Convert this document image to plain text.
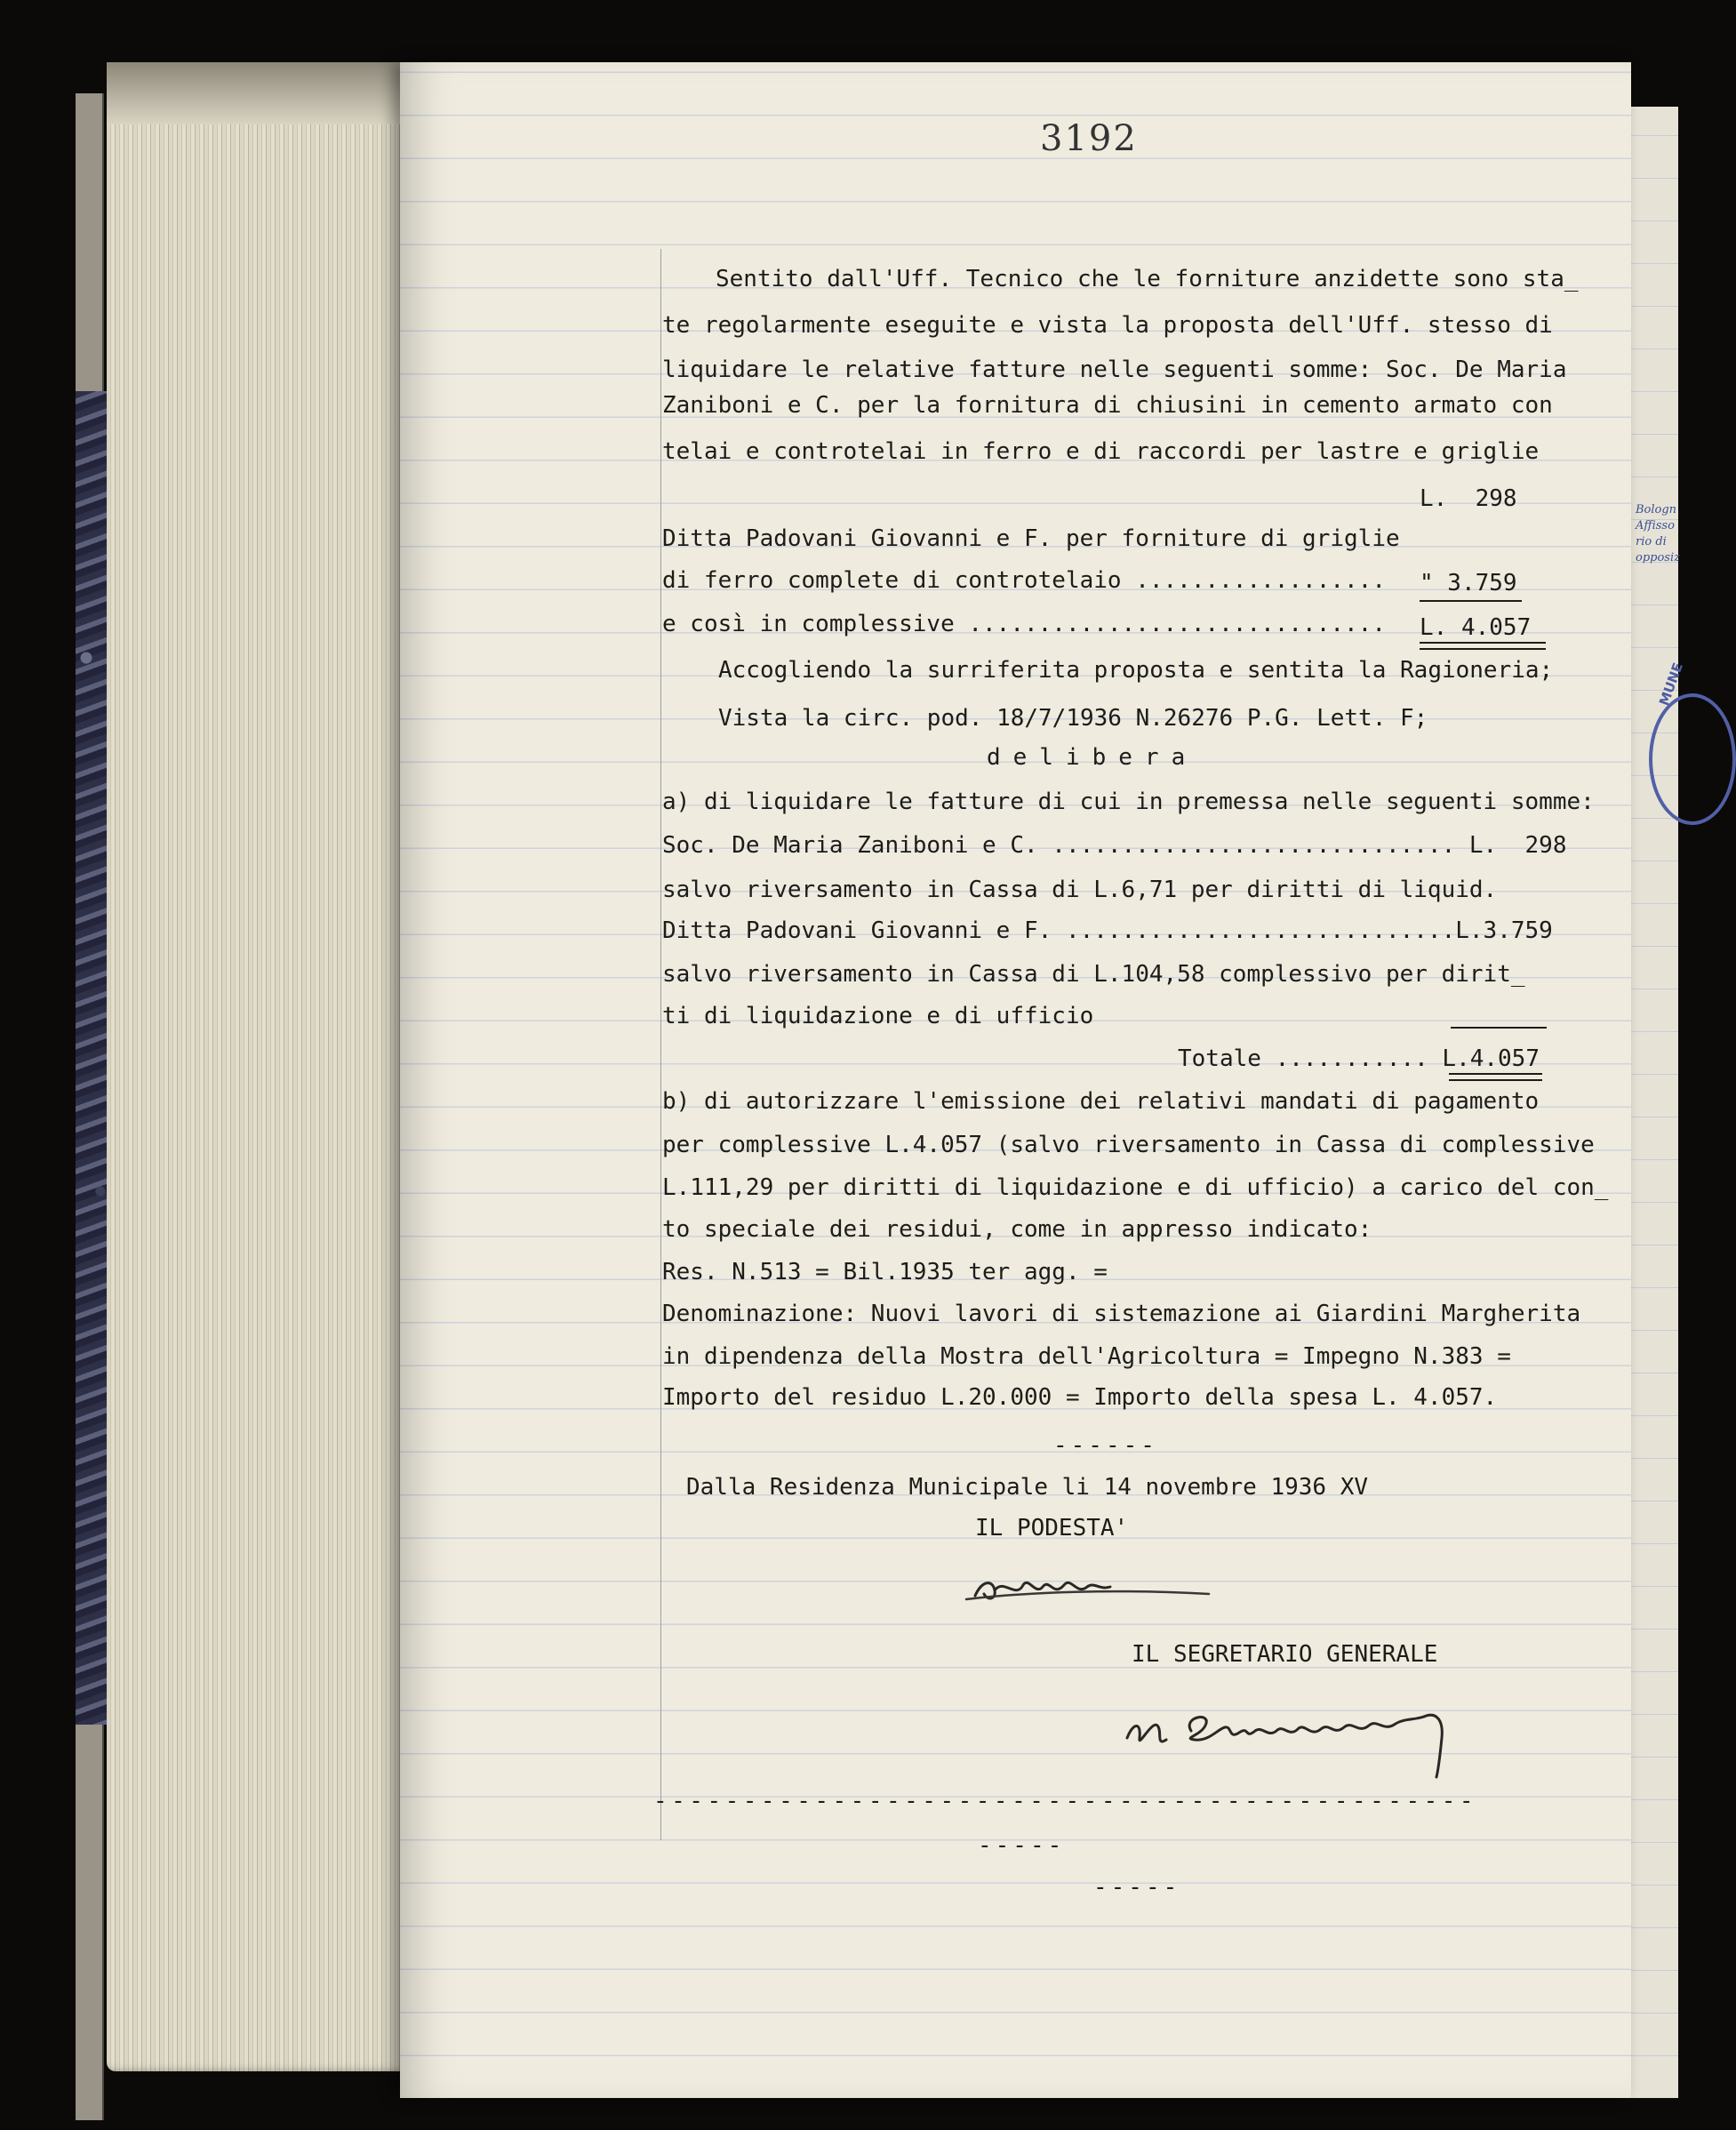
Bologn
Affisso
rio di
opposiz
MUNE
3192
Sentito dall'Uff. Tecnico che le forniture anzidette sono sta_
te regolarmente eseguite e vista la proposta dell'Uff. stesso di
liquidare le relative fatture nelle seguenti somme: Soc. De Maria
Zaniboni e C. per la fornitura di chiusini in cemento armato con
telai e controtelai in ferro e di raccordi per lastre e griglie
L.  298
Ditta Padovani Giovanni e F. per forniture di griglie
di ferro complete di controtelaio .................. " 3.759
e così in complessive .............................. L. 4.057
Accogliendo la surriferita proposta e sentita la Ragioneria;
Vista la circ. pod. 18/7/1936 N.26276 P.G. Lett. F;
delibera
a) di liquidare le fatture di cui in premessa nelle seguenti somme:
Soc. De Maria Zaniboni e C. ............................. L.  298
salvo riversamento in Cassa di L.6,71 per diritti di liquid.
Ditta Padovani Giovanni e F. ............................L.3.759
salvo riversamento in Cassa di L.104,58 complessivo per dirit_
ti di liquidazione e di ufficio
Totale ........... L.4.057
b) di autorizzare l'emissione dei relativi mandati di pagamento
per complessive L.4.057 (salvo riversamento in Cassa di complessive
L.111,29 per diritti di liquidazione e di ufficio) a carico del con_
to speciale dei residui, come in appresso indicato:
Res. N.513 = Bil.1935 ter agg. =
Denominazione: Nuovi lavori di sistemazione ai Giardini Margherita
in dipendenza della Mostra dell'Agricoltura = Impegno N.383 =
Importo del residuo L.20.000 = Importo della spesa L. 4.057.
------
Dalla Residenza Municipale li 14 novembre 1936 XV
IL PODESTA'
IL SEGRETARIO GENERALE
----------------------------------------------
-----
-----
